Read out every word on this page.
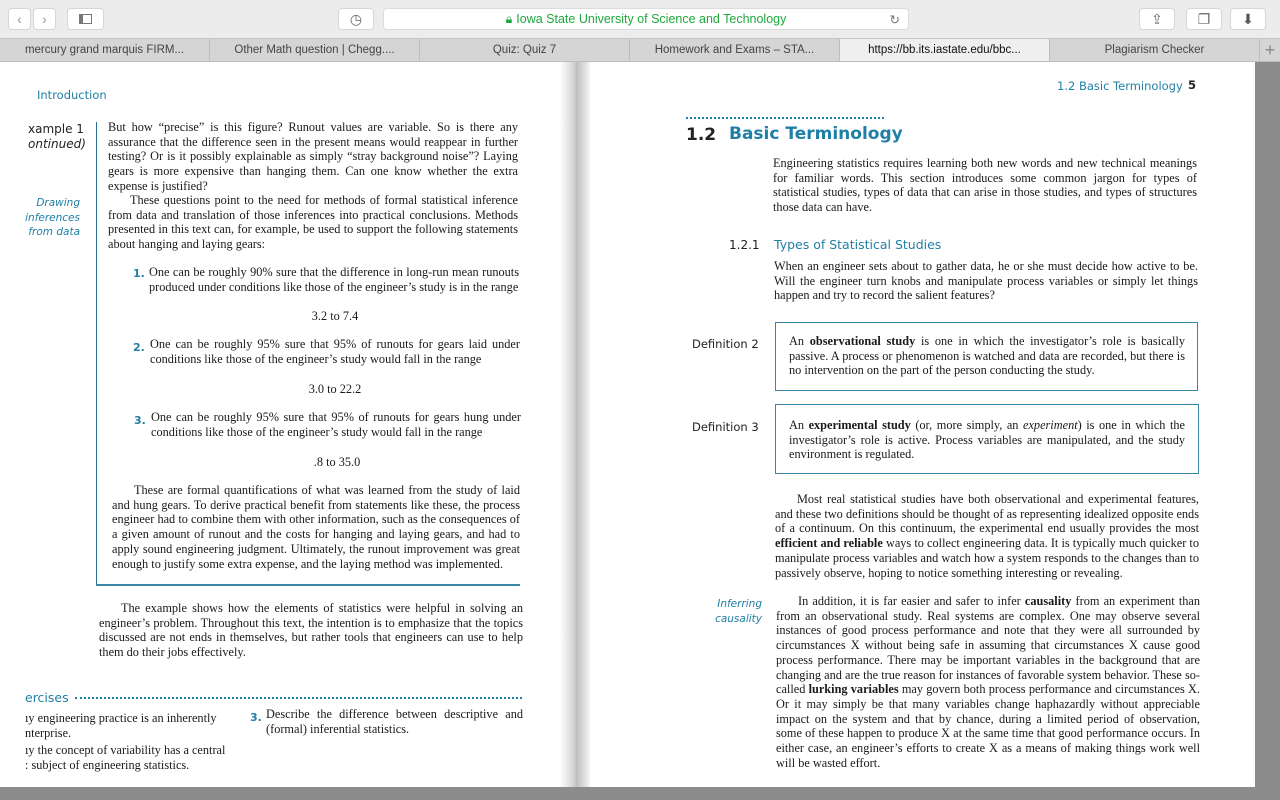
‹ ›	◷	🔒︎ Iowa State University of Science and Technology	↻	⇪ ❐ ⬇
mercury grand marquis FIRM...	Other Math question | Chegg....	Quiz: Quiz 7	Homework and Exams – STA...	https://bb.its.iastate.edu/bbc...	Plagiarism Checker	+
Introduction
xample 1
ontinued)
Drawing inferences from data
But how “precise” is this figure? Runout values are variable. So is there any assurance that the difference seen in the present means would reappear in further testing? Or is it possibly explainable as simply “stray background noise”? Laying gears is more expensive than hanging them. Can one know whether the extra expense is justified?
These questions point to the need for methods of formal statistical inference from data and translation of those inferences into practical conclusions. Methods presented in this text can, for example, be used to support the following statements about hanging and laying gears:
1. One can be roughly 90% sure that the difference in long-run mean runouts produced under conditions like those of the engineer’s study is in the range
3.2 to 7.4
2. One can be roughly 95% sure that 95% of runouts for gears laid under conditions like those of the engineer’s study would fall in the range
3.0 to 22.2
3. One can be roughly 95% sure that 95% of runouts for gears hung under conditions like those of the engineer’s study would fall in the range
.8 to 35.0
These are formal quantifications of what was learned from the study of laid and hung gears. To derive practical benefit from statements like these, the process engineer had to combine them with other information, such as the consequences of a given amount of runout and the costs for hanging and laying gears, and had to apply sound engineering judgment. Ultimately, the runout improvement was great enough to justify some extra expense, and the laying method was implemented.
The example shows how the elements of statistics were helpful in solving an engineer’s problem. Throughout this text, the intention is to emphasize that the topics discussed are not ends in themselves, but rather tools that engineers can use to help them do their jobs effectively.
ercises
ıy engineering practice is an inherently
nterprise.
ıy the concept of variability has a central
: subject of engineering statistics.
3. Describe the difference between descriptive and (formal) inferential statistics.
1.2 Basic Terminology 5
1.2 Basic Terminology
Engineering statistics requires learning both new words and new technical meanings for familiar words. This section introduces some common jargon for types of statistical studies, types of data that can arise in those studies, and types of structures those data can have.
1.2.1 Types of Statistical Studies
When an engineer sets about to gather data, he or she must decide how active to be. Will the engineer turn knobs and manipulate process variables or simply let things happen and try to record the salient features?
Definition 2 An observational study is one in which the investigator’s role is basically passive. A process or phenomenon is watched and data are recorded, but there is no intervention on the part of the person conducting the study.
Definition 3 An experimental study (or, more simply, an experiment) is one in which the investigator’s role is active. Process variables are manipulated, and the study environment is regulated.
Most real statistical studies have both observational and experimental features, and these two definitions should be thought of as representing idealized opposite ends of a continuum. On this continuum, the experimental end usually provides the most efficient and reliable ways to collect engineering data. It is typically much quicker to manipulate process variables and watch how a system responds to the changes than to passively observe, hoping to notice something interesting or revealing.
Inferring causality
In addition, it is far easier and safer to infer causality from an experiment than from an observational study. Real systems are complex. One may observe several instances of good process performance and note that they were all surrounded by circumstances X without being safe in assuming that circumstances X cause good process performance. There may be important variables in the background that are changing and are the true reason for instances of favorable system behavior. These so-called lurking variables may govern both process performance and circumstances X. Or it may simply be that many variables change haphazardly without appreciable impact on the system and that by chance, during a limited period of observation, some of these happen to produce X at the same time that good performance occurs. In either case, an engineer’s efforts to create X as a means of making things work well will be wasted effort.
